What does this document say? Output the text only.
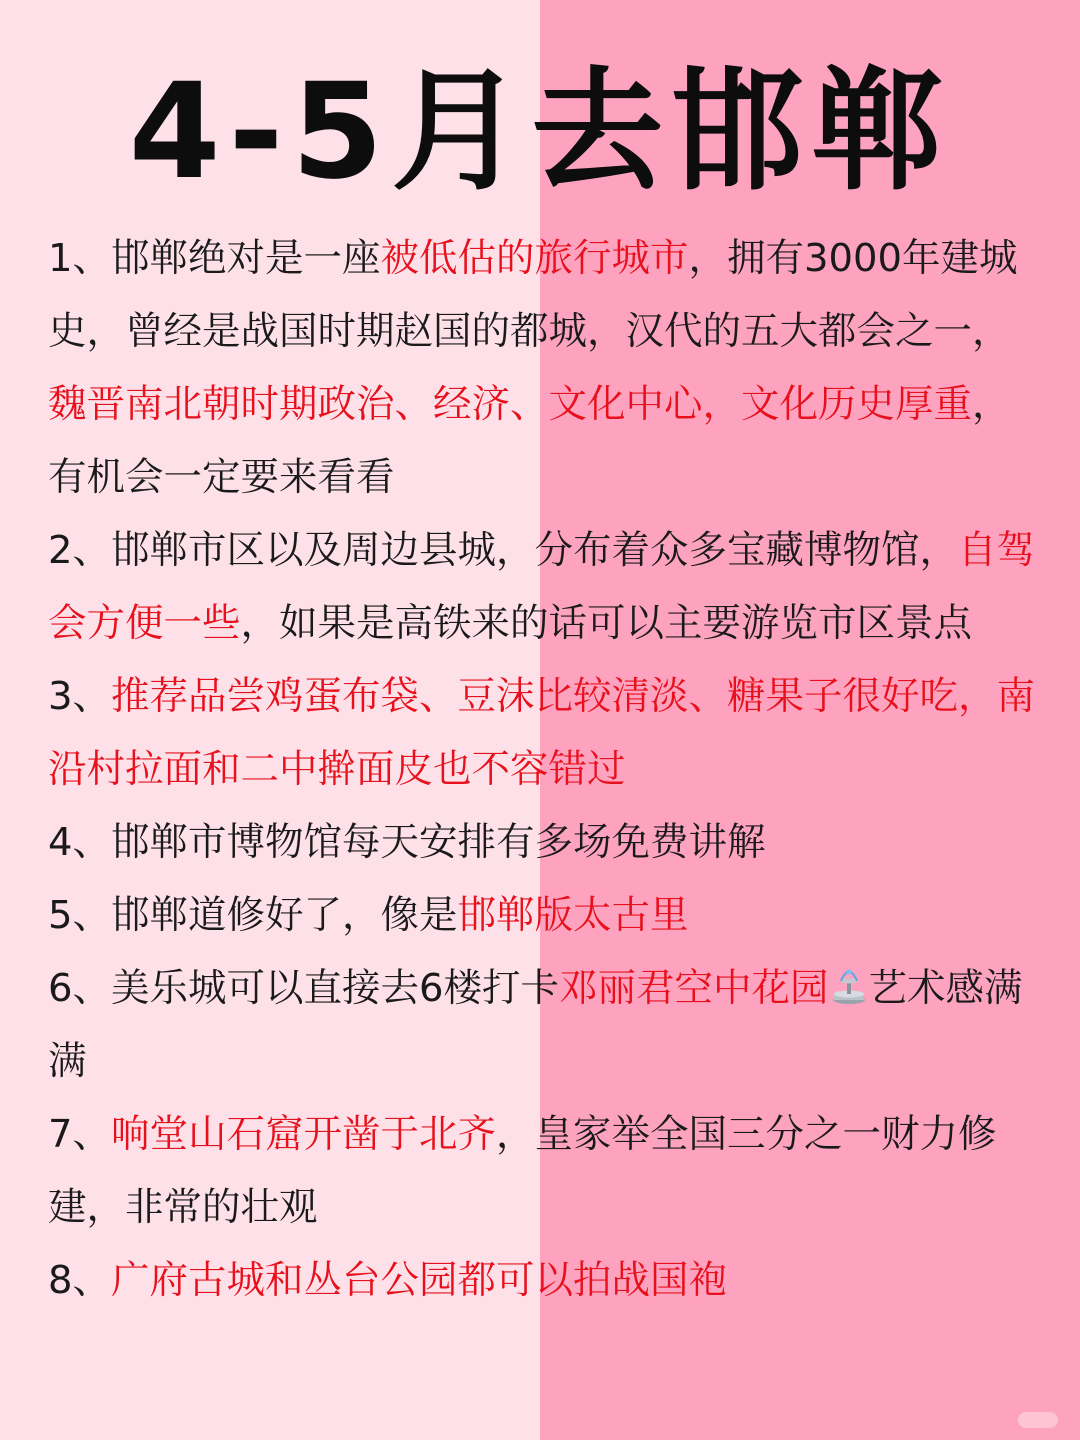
4-5月去邯郸

1、邯郸绝对是一座被低估的旅行城市，拥有3000年建城史，曾经是战国时期赵国的都城，汉代的五大都会之一，魏晋南北朝时期政治、经济、文化中心，文化历史厚重，有机会一定要来看看

2、邯郸市区以及周边县城，分布着众多宝藏博物馆，自驾会方便一些，如果是高铁来的话可以主要游览市区景点

3、推荐品尝鸡蛋布袋、豆沫比较清淡、糖果子很好吃，南沿村拉面和二中擀面皮也不容错过

4、邯郸市博物馆每天安排有多场免费讲解

5、邯郸道修好了，像是邯郸版太古里

6、美乐城可以直接去6楼打卡邓丽君空中花园 艺术感满满

7、响堂山石窟开凿于北齐，皇家举全国三分之一财力修建，非常的壮观

8、广府古城和丛台公园都可以拍战国袍
